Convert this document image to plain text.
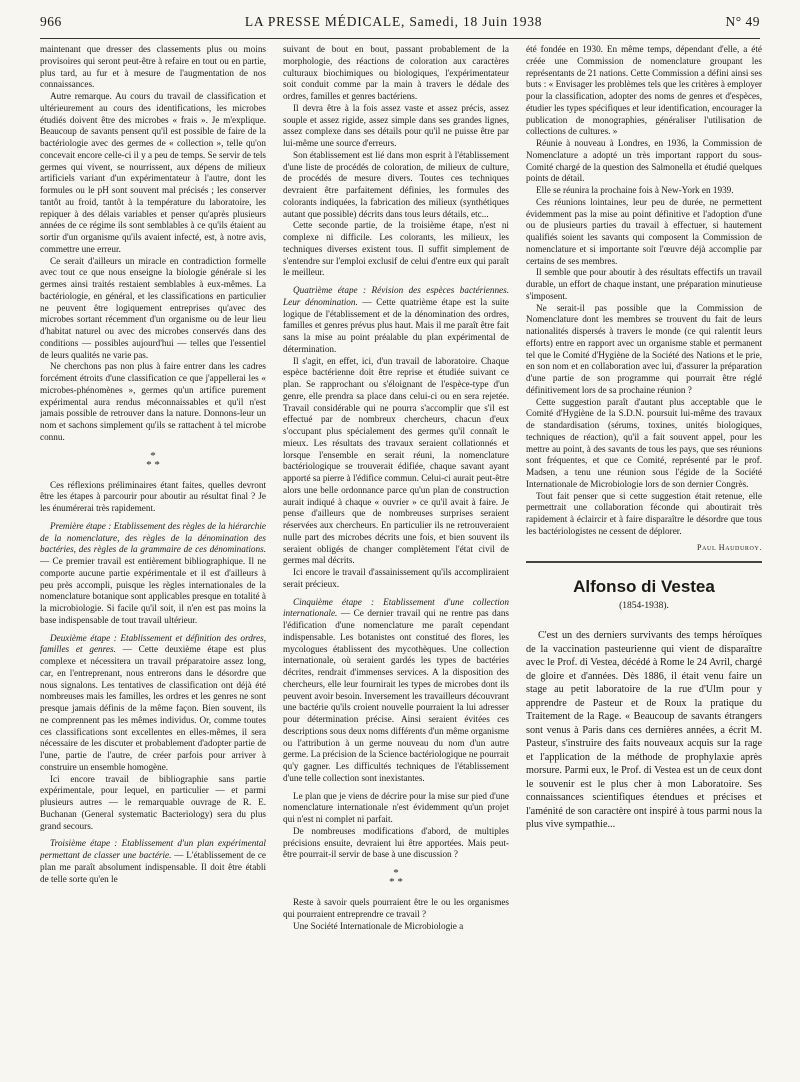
966	LA PRESSE MÉDICALE, Samedi, 18 Juin 1938	N° 49

maintenant que dresser des classements plus ou moins provisoires qui seront peut-être à refaire en tout ou en partie, plus tard, au fur et à mesure de l'augmentation de nos connaissances.

Autre remarque. Au cours du travail de classification et ultérieurement au cours des identifications, les microbes étudiés doivent être des microbes « frais ». Je m'explique. Beaucoup de savants pensent qu'il est possible de faire de la bactériologie avec des germes de « collection », telle qu'on concevait encore celle-ci il y a peu de temps. Se servir de tels germes qui vivent, se nourrissent, aux dépens de milieux artificiels variant d'un expérimentateur à l'autre, dont les formules ou le pH sont souvent mal précisés ; les conserver tantôt au froid, tantôt à la température du laboratoire, les repiquer à des délais variables et penser qu'après plusieurs années de ce régime ils sont semblables à ce qu'ils étaient au sortir d'un organisme qu'ils avaient infecté, est, à notre avis, commettre une erreur.

Ce serait d'ailleurs un miracle en contradiction formelle avec tout ce que nous enseigne la biologie générale si les germes ainsi traités restaient semblables à eux-mêmes. La bactériologie, en général, et les classifications en particulier ne peuvent être logiquement entreprises qu'avec des microbes sortant récemment d'un organisme ou de leur lieu d'habitat naturel ou avec des microbes conservés dans des conditions — possibles aujourd'hui — telles que l'essentiel de leurs qualités ne varie pas.

Ne cherchons pas non plus à faire entrer dans les cadres forcément étroits d'une classification ce que j'appellerai les « microbes-phénomènes », germes qu'un artifice purement expérimental aura rendus méconnaissables et qu'il n'est jamais possible de retrouver dans la nature. Donnons-leur un nom et sachons simplement qu'ils se rattachent à tel microbe connu.

*
* *

Ces réflexions préliminaires étant faites, quelles devront être les étapes à parcourir pour aboutir au résultat final ? Je les énumérerai très rapidement.

Première étape : Etablissement des règles de la hiérarchie de la nomenclature, des règles de la dénomination des bactéries, des règles de la grammaire de ces dénominations. — Ce premier travail est entièrement bibliographique. Il ne comporte aucune partie expérimentale et il est d'ailleurs à peu près accompli, puisque les règles internationales de la nomenclature botanique sont applicables presque en totalité à la microbiologie. Si facile qu'il soit, il n'en est pas moins la base indispensable de tout travail ultérieur.

Deuxième étape : Etablissement et définition des ordres, familles et genres. — Cette deuxième étape est plus complexe et nécessitera un travail préparatoire assez long, car, en l'entreprenant, nous entrerons dans le désordre que nous signalons. Les tentatives de classification ont déjà été nombreuses mais les familles, les ordres et les genres ne sont presque jamais définis de la même façon. Bien souvent, ils ne comprennent pas les mêmes individus. Or, comme toutes ces classifications sont excellentes en elles-mêmes, il sera nécessaire de les discuter et probablement d'adopter partie de l'une, partie de l'autre, de créer parfois pour arriver à construire un ensemble homogène.

Ici encore travail de bibliographie sans partie expérimentale, pour lequel, en particulier — et parmi plusieurs autres — le remarquable ouvrage de R. E. Buchanan (General systematic Bacteriology) sera du plus grand secours.

Troisième étape : Etablissement d'un plan expérimental permettant de classer une bactérie. — L'établissement de ce plan me paraît absolument indispensable. Il doit être établi de telle sorte qu'en le

suivant de bout en bout, passant probablement de la morphologie, des réactions de coloration aux caractères culturaux biochimiques ou biologiques, l'expérimentateur soit conduit comme par la main à travers le dédale des ordres, familles et genres bactériens.

Il devra être à la fois assez vaste et assez précis, assez souple et assez rigide, assez simple dans ses grandes lignes, assez complexe dans ses détails pour qu'il ne puisse être par lui-même une source d'erreurs.

Son établissement est lié dans mon esprit à l'établissement d'une liste de procédés de coloration, de milieux de culture, de procédés de mesure divers. Toutes ces techniques devraient être parfaitement définies, les formules des colorants indiquées, la fabrication des milieux (synthétiques autant que possible) décrits dans tous leurs détails, etc...

Cette seconde partie, de la troisième étape, n'est ni complexe ni difficile. Les colorants, les milieux, les techniques diverses existent tous. Il suffit simplement de s'entendre sur l'emploi exclusif de celui d'entre eux qui paraît le meilleur.

Quatrième étape : Révision des espèces bactériennes. Leur dénomination. — Cette quatrième étape est la suite logique de l'établissement et de la dénomination des ordres, familles et genres prévus plus haut. Mais il me paraît être fait sans la mise au point préalable du plan expérimental de détermination.

Il s'agit, en effet, ici, d'un travail de laboratoire. Chaque espèce bactérienne doit être reprise et étudiée suivant ce plan. Se rapprochant ou s'éloignant de l'espèce-type d'un genre, elle prendra sa place dans celui-ci ou en sera rejetée. Travail considérable qui ne pourra s'accomplir que s'il est effectué par de nombreux chercheurs, chacun d'eux s'occupant plus spécialement des germes qu'il connaît le mieux. Les résultats des travaux seraient collationnés et lorsque l'ensemble en serait réuni, la nomenclature bactériologique se trouverait édifiée, chaque savant ayant apporté sa pierre à l'édifice commun. Celui-ci aurait peut-être alors une belle ordonnance parce qu'un plan de construction aurait indiqué à chaque « ouvrier » ce qu'il avait à faire. Je pense d'ailleurs que de nombreuses surprises seraient réservées aux chercheurs. En particulier ils ne retrouveraient nulle part des microbes décrits une fois, et bien souvent ils seraient obligés de changer complètement l'état civil de germes mal décrits.

Ici encore le travail d'assainissement qu'ils accompliraient serait précieux.

Cinquième étape : Etablissement d'une collection internationale. — Ce dernier travail qui ne rentre pas dans l'édification d'une nomenclature me paraît cependant indispensable. Les botanistes ont constitué des flores, les mycologues établissent des mycothèques. Une collection internationale, où seraient gardés les types de bactéries décrites, rendrait d'immenses services. A la disposition des chercheurs, elle leur fournirait les types de microbes dont ils peuvent avoir besoin. Inversement les travailleurs découvrant une bactérie qu'ils croient nouvelle pourraient la lui adresser pour détermination précise. Ainsi seraient évitées ces descriptions sous deux noms différents d'un même organisme ou l'attribution à un germe nouveau du nom d'un autre germe. La précision de la Science bactériologique ne pourrait qu'y gagner. Les difficultés techniques de l'établissement d'une telle collection sont inexistantes.

Le plan que je viens de décrire pour la mise sur pied d'une nomenclature internationale n'est évidemment qu'un projet qui n'est ni complet ni parfait.

De nombreuses modifications d'abord, de multiples précisions ensuite, devraient lui être apportées. Mais peut-être pourrait-il servir de base à une discussion ?

*
* *

Reste à savoir quels pourraient être le ou les organismes qui pourraient entreprendre ce travail ?

Une Société Internationale de Microbiologie a

été fondée en 1930. En même temps, dépendant d'elle, a été créée une Commission de nomenclature groupant les représentants de 21 nations. Cette Commission a défini ainsi ses buts : « Envisager les problèmes tels que les critères à employer pour la classification, adopter des noms de genres et d'espèces, étudier les types spécifiques et leur identification, encourager la publication de monographies, généraliser l'utilisation de collections de cultures. »

Réunie à nouveau à Londres, en 1936, la Commission de Nomenclature a adopté un très important rapport du sous-Comité chargé de la question des Salmonella et étudié quelques points de détail.

Elle se réunira la prochaine fois à New-York en 1939.

Ces réunions lointaines, leur peu de durée, ne permettent évidemment pas la mise au point définitive et l'adoption d'une ou de plusieurs parties du travail à effectuer, si hautement qualifiés soient les savants qui composent la Commission de nomenclature et si importante soit l'œuvre déjà accomplie par certains de ses membres.

Il semble que pour aboutir à des résultats effectifs un travail durable, un effort de chaque instant, une préparation minutieuse s'imposent.

Ne serait-il pas possible que la Commission de Nomenclature dont les membres se trouvent du fait de leurs nationalités dispersés à travers le monde (ce qui ralentit leurs efforts) entre en rapport avec un organisme stable et permanent tel que le Comité d'Hygiène de la Société des Nations et le prie, en son nom et en collaboration avec lui, d'assurer la préparation d'une partie de son programme qui pourrait être réglé définitivement lors de sa prochaine réunion ?

Cette suggestion paraît d'autant plus acceptable que le Comité d'Hygiène de la S.D.N. poursuit lui-même des travaux de standardisation (sérums, toxines, unités biologiques, techniques de réaction), qu'il a fait souvent appel, pour les mettre au point, à des savants de tous les pays, que ses réunions sont fréquentes, et que ce Comité, représenté par le prof. Madsen, a tenu une réunion sous l'égide de la Société Internationale de Microbiologie lors de son dernier Congrès.

Tout fait penser que si cette suggestion était retenue, elle permettrait une collaboration féconde qui aboutirait très rapidement à éclaircir et à faire disparaître le désordre que tous les bactériologistes ne cessent de déplorer.

Paul Hauduroy.
Alfonso di Vestea
(1854-1938).

C'est un des derniers survivants des temps héroïques de la vaccination pasteurienne qui vient de disparaître avec le Prof. di Vestea, décédé à Rome le 24 Avril, chargé de gloire et d'années. Dès 1886, il était venu faire un stage au petit laboratoire de la rue d'Ulm pour y apprendre de Pasteur et de Roux la pratique du Traitement de la Rage. « Beaucoup de savants étrangers sont venus à Paris dans ces dernières années, a écrit M. Pasteur, s'instruire des faits nouveaux acquis sur la rage et l'application de la méthode de prophylaxie après morsure. Parmi eux, le Prof. di Vestea est un de ceux dont le souvenir est le plus cher à mon Laboratoire. Ses connaissances scientifiques étendues et précises et l'aménité de son caractère ont inspiré à tous parmi nous la plus vive sympathie...
